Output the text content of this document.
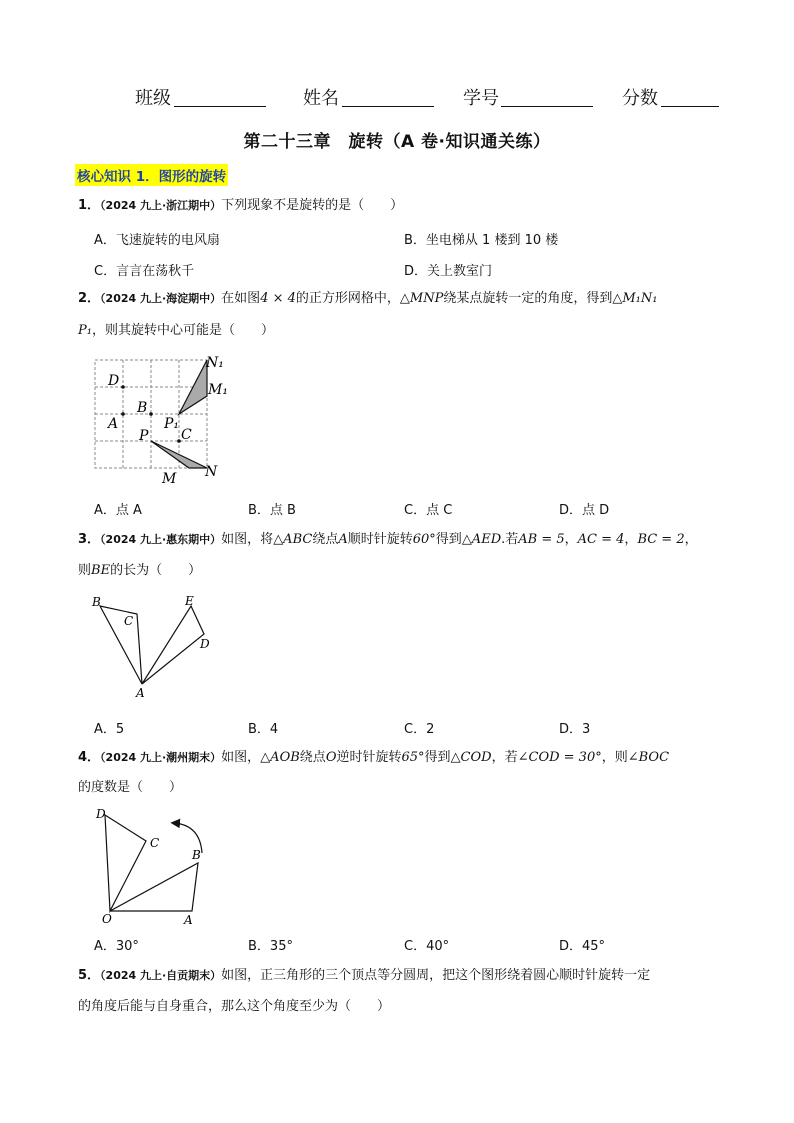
班级	姓名	学号	分数
第二十三章　旋转（A 卷·知识通关练）
核心知识 1．图形的旋转
1．（2024 九上·浙江期中）下列现象不是旋转的是（　　）
A．飞速旋转的电风扇	B．坐电梯从 1 楼到 10 楼
C．言言在荡秋千	D．关上教室门
2．（2024 九上·海淀期中）在如图4 × 4的正方形网格中，△MNP绕某点旋转一定的角度，得到△M₁N₁
P₁，则其旋转中心可能是（　　）
D
A
B
P₁
P C
N₁
M₁
N
M
A．点 A	B．点 B	C．点 C	D．点 D
3．（2024 九上·惠东期中）如图，将△ABC绕点A顺时针旋转60°得到△AED.若AB = 5，AC = 4，BC = 2，
则BE的长为（　　）
B
C
E
D
A
A．5	B．4	C．2	D．3
4．（2024 九上·潮州期末）如图，△AOB绕点O逆时针旋转65°得到△COD，若∠COD = 30°，则∠BOC
的度数是（　　）
D
C
B
O	A
A．30°	B．35°	C．40°	D．45°
5．（2024 九上·自贡期末）如图，正三角形的三个顶点等分圆周，把这个图形绕着圆心顺时针旋转一定
的角度后能与自身重合，那么这个角度至少为（　　）
